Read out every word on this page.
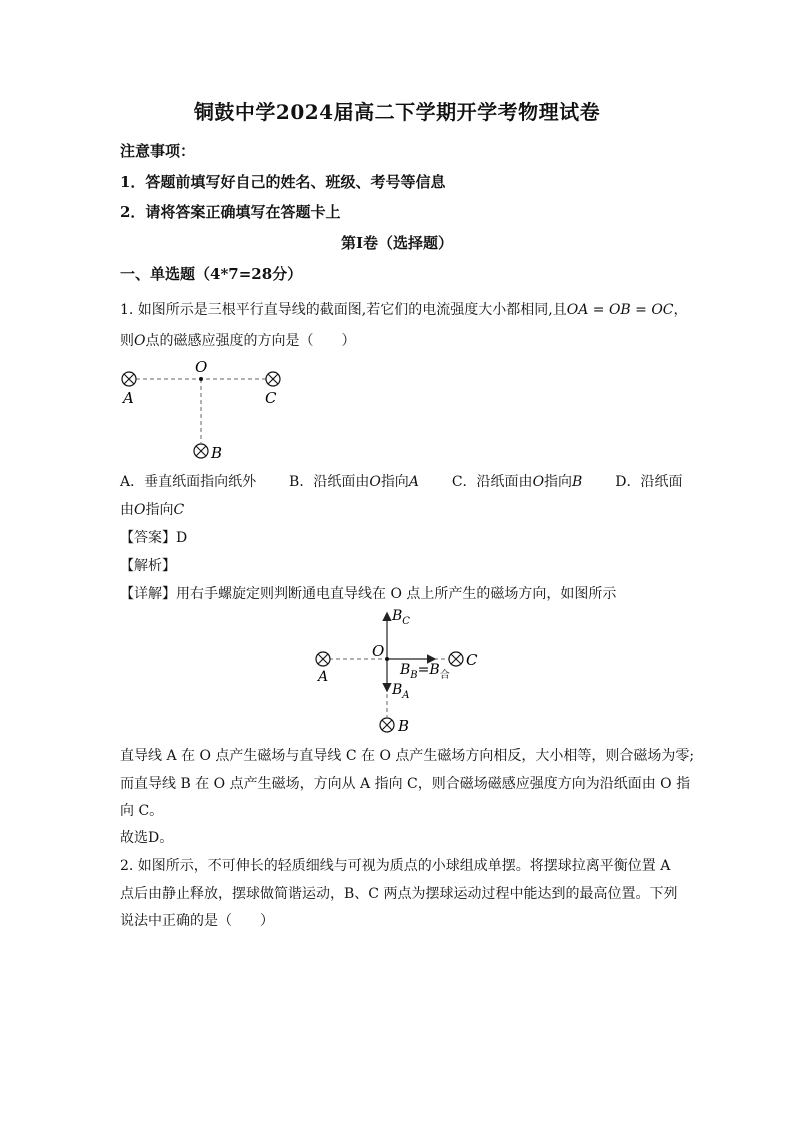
铜鼓中学2024届高二下学期开学考物理试卷
注意事项：
1．答题前填写好自己的姓名、班级、考号等信息
2．请将答案正确填写在答题卡上
第I卷（选择题）
一、单选题（4*7=28分）
1. 如图所示是三根平行直导线的截面图,若它们的电流强度大小都相同,且OA = OB = OC，
则O点的磁感应强度的方向是（　　）
O
A	C
B
A．垂直纸面指向纸外 B．沿纸面由O指向A C．沿纸面由O指向B D．沿纸面
由O指向C
【答案】D
【解析】
【详解】用右手螺旋定则判断通电直导线在 O 点上所产生的磁场方向，如图所示
O
A
C
B
$B_C$
$B_B=B_合$
$B_A$
直导线 A 在 O 点产生磁场与直导线 C 在 O 点产生磁场方向相反，大小相等，则合磁场为零;
而直导线 B 在 O 点产生磁场，方向从 A 指向 C，则合磁场磁感应强度方向为沿纸面由 O 指
向 C。
故选D。
2. 如图所示，不可伸长的轻质细线与可视为质点的小球组成单摆。将摆球拉离平衡位置 A
点后由静止释放，摆球做简谐运动，B、C 两点为摆球运动过程中能达到的最高位置。下列
说法中正确的是（　　）
